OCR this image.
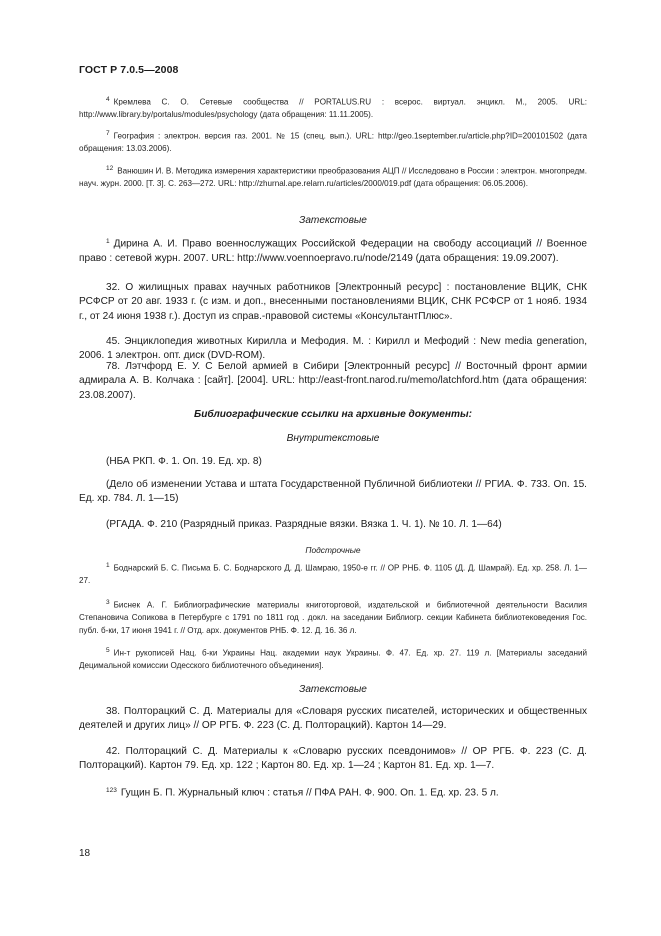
ГОСТ Р 7.0.5—2008
$^4$ Кремлева С. О. Сетевые сообщества // PORTALUS.RU : всерос. виртуал. энцикл. М., 2005. URL: http://www.library.by/portalus/modules/psychology (дата обращения: 11.11.2005).
$^7$ География : электрон. версия газ. 2001. № 15 (спец. вып.). URL: http://geo.1september.ru/article.php?ID=200101502 (дата обращения: 13.03.2006).
$^{12}$ Ванюшин И. В. Методика измерения характеристики преобразования АЦП // Исследовано в России : электрон. многопредм. науч. журн. 2000. [Т. 3]. С. 263—272. URL: http://zhurnal.ape.relarn.ru/articles/2000/019.pdf (дата обращения: 06.05.2006).
Затекстовые
$^1$ Дирина А. И. Право военнослужащих Российской Федерации на свободу ассоциаций // Военное право : сетевой журн. 2007. URL: http://www.voennoepravo.ru/node/2149 (дата обращения: 19.09.2007).
32. О жилищных правах научных работников [Электронный ресурс] : постановление ВЦИК, СНК РСФСР от 20 авг. 1933 г. (с изм. и доп., внесенными постановлениями ВЦИК, СНК РСФСР от 1 нояб. 1934 г., от 24 июня 1938 г.). Доступ из справ.-правовой системы «КонсультантПлюс».
45. Энциклопедия животных Кирилла и Мефодия. М. : Кирилл и Мефодий : New media generation, 2006. 1 электрон. опт. диск (DVD-ROM).
78. Лэтчфорд Е. У. С Белой армией в Сибири [Электронный ресурс] // Восточный фронт армии адмирала А. В. Колчака : [сайт]. [2004]. URL: http://east-front.narod.ru/memo/latchford.htm (дата обращения: 23.08.2007).
Библиографические ссылки на архивные документы:
Внутритекстовые
(НБА РКП. Ф. 1. Оп. 19. Ед. хр. 8)
(Дело об изменении Устава и штата Государственной Публичной библиотеки // РГИА. Ф. 733. Оп. 15. Ед. хр. 784. Л. 1—15)
(РГАДА. Ф. 210 (Разрядный приказ. Разрядные вязки. Вязка 1. Ч. 1). № 10. Л. 1—64)
Подстрочные
$^1$ Боднарский Б. С. Письма Б. С. Боднарского Д. Д. Шамраю, 1950-е гг. // ОР РНБ. Ф. 1105 (Д. Д. Шамрай). Ед. хр. 258. Л. 1—27.
$^3$ Биснек А. Г. Библиографические материалы книготорговой, издательской и библиотечной деятельности Василия Степановича Сопикова в Петербурге с 1791 по 1811 год . докл. на заседании Библиогр. секции Кабинета библиотековедения Гос. публ. б-ки, 17 июня 1941 г. // Отд. арх. документов РНБ. Ф. 12. Д. 16. 36 л.
$^5$ Ин-т рукописей Нац. б-ки Украины Нац. академии наук Украины. Ф. 47. Ед. хр. 27. 119 л. [Материалы заседаний Децимальной комиссии Одесского библиотечного объединения].
Затекстовые
38. Полторацкий С. Д. Материалы для «Словаря русских писателей, исторических и общественных деятелей и других лиц» // ОР РГБ. Ф. 223 (С. Д. Полторацкий). Картон 14—29.
42. Полторацкий С. Д. Материалы к «Словарю русских псевдонимов» // ОР РГБ. Ф. 223 (С. Д. Полторацкий). Картон 79. Ед. хр. 122 ; Картон 80. Ед. хр. 1—24 ; Картон 81. Ед. хр. 1—7.
$^{123}$ Гущин Б. П. Журнальный ключ : статья // ПФА РАН. Ф. 900. Оп. 1. Ед. хр. 23. 5 л.
18
